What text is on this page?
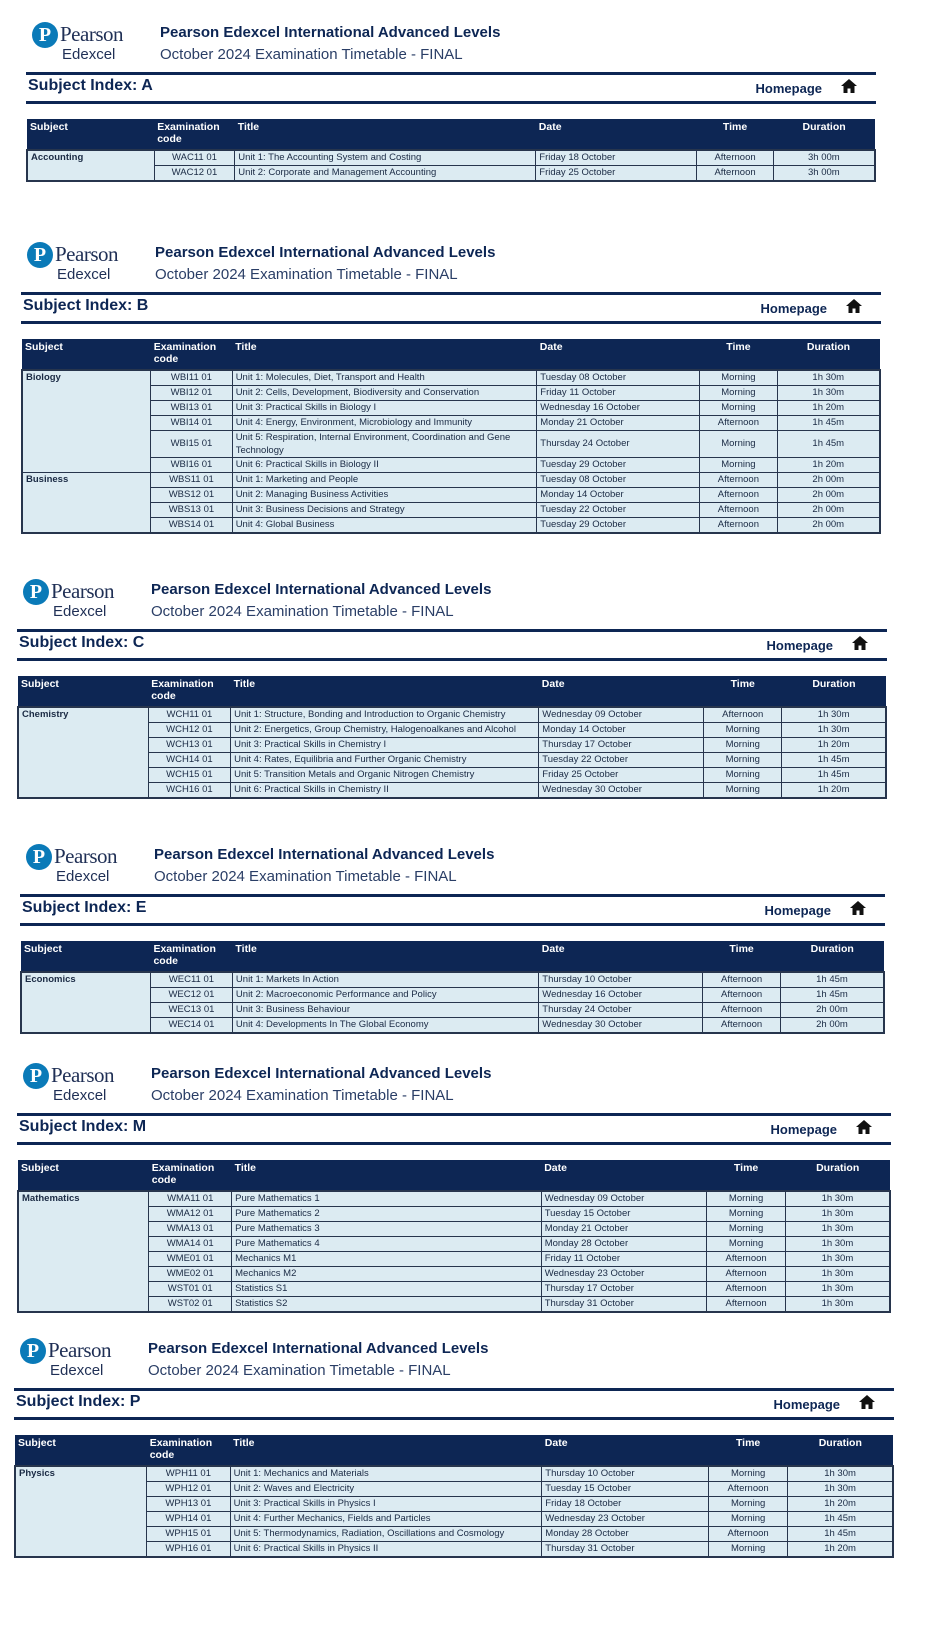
P Pearson
Edexcel
Pearson Edexcel International Advanced Levels
October 2024 Examination Timetable - FINAL
Subject Index: A	Homepage
Subject	Examination code	Title	Date	Time	Duration
Accounting	WAC11 01	Unit 1: The Accounting System and Costing	Friday 18 October	Afternoon	3h 00m
	WAC12 01	Unit 2: Corporate and Management Accounting	Friday 25 October	Afternoon	3h 00m
P Pearson
Edexcel
Pearson Edexcel International Advanced Levels
October 2024 Examination Timetable - FINAL
Subject Index: B	Homepage
Subject	Examination code	Title	Date	Time	Duration
Biology	WBI11 01	Unit 1: Molecules, Diet, Transport and Health	Tuesday 08 October	Morning	1h 30m
	WBI12 01	Unit 2: Cells, Development, Biodiversity and Conservation	Friday 11 October	Morning	1h 30m
	WBI13 01	Unit 3: Practical Skills in Biology I	Wednesday 16 October	Morning	1h 20m
	WBI14 01	Unit 4: Energy, Environment, Microbiology and Immunity	Monday 21 October	Afternoon	1h 45m
	WBI15 01	Unit 5: Respiration, Internal Environment, Coordination and Gene Technology	Thursday 24 October	Morning	1h 45m
	WBI16 01	Unit 6: Practical Skills in Biology II	Tuesday 29 October	Morning	1h 20m
Business	WBS11 01	Unit 1: Marketing and People	Tuesday 08 October	Afternoon	2h 00m
	WBS12 01	Unit 2: Managing Business Activities	Monday 14 October	Afternoon	2h 00m
	WBS13 01	Unit 3: Business Decisions and Strategy	Tuesday 22 October	Afternoon	2h 00m
	WBS14 01	Unit 4: Global Business	Tuesday 29 October	Afternoon	2h 00m
P Pearson
Edexcel
Pearson Edexcel International Advanced Levels
October 2024 Examination Timetable - FINAL
Subject Index: C	Homepage
Subject	Examination code	Title	Date	Time	Duration
Chemistry	WCH11 01	Unit 1: Structure, Bonding and Introduction to Organic Chemistry	Wednesday 09 October	Afternoon	1h 30m
	WCH12 01	Unit 2: Energetics, Group Chemistry, Halogenoalkanes and Alcohol	Monday 14 October	Morning	1h 30m
	WCH13 01	Unit 3: Practical Skills in Chemistry I	Thursday 17 October	Morning	1h 20m
	WCH14 01	Unit 4: Rates, Equilibria and Further Organic Chemistry	Tuesday 22 October	Morning	1h 45m
	WCH15 01	Unit 5: Transition Metals and Organic Nitrogen Chemistry	Friday 25 October	Morning	1h 45m
	WCH16 01	Unit 6: Practical Skills in Chemistry II	Wednesday 30 October	Morning	1h 20m
P Pearson
Edexcel
Pearson Edexcel International Advanced Levels
October 2024 Examination Timetable - FINAL
Subject Index: E	Homepage
Subject	Examination code	Title	Date	Time	Duration
Economics	WEC11 01	Unit 1: Markets In Action	Thursday 10 October	Afternoon	1h 45m
	WEC12 01	Unit 2: Macroeconomic Performance and Policy	Wednesday 16 October	Afternoon	1h 45m
	WEC13 01	Unit 3: Business Behaviour	Thursday 24 October	Afternoon	2h 00m
	WEC14 01	Unit 4: Developments In The Global Economy	Wednesday 30 October	Afternoon	2h 00m
P Pearson
Edexcel
Pearson Edexcel International Advanced Levels
October 2024 Examination Timetable - FINAL
Subject Index: M	Homepage
Subject	Examination code	Title	Date	Time	Duration
Mathematics	WMA11 01	Pure Mathematics 1	Wednesday 09 October	Morning	1h 30m
	WMA12 01	Pure Mathematics 2	Tuesday 15 October	Morning	1h 30m
	WMA13 01	Pure Mathematics 3	Monday 21 October	Morning	1h 30m
	WMA14 01	Pure Mathematics 4	Monday 28 October	Morning	1h 30m
	WME01 01	Mechanics M1	Friday 11 October	Afternoon	1h 30m
	WME02 01	Mechanics M2	Wednesday 23 October	Afternoon	1h 30m
	WST01 01	Statistics S1	Thursday 17 October	Afternoon	1h 30m
	WST02 01	Statistics S2	Thursday 31 October	Afternoon	1h 30m
P Pearson
Edexcel
Pearson Edexcel International Advanced Levels
October 2024 Examination Timetable - FINAL
Subject Index: P	Homepage
Subject	Examination code	Title	Date	Time	Duration
Physics	WPH11 01	Unit 1: Mechanics and Materials	Thursday 10 October	Morning	1h 30m
	WPH12 01	Unit 2: Waves and Electricity	Tuesday 15 October	Afternoon	1h 30m
	WPH13 01	Unit 3: Practical Skills in Physics I	Friday 18 October	Morning	1h 20m
	WPH14 01	Unit 4: Further Mechanics, Fields and Particles	Wednesday 23 October	Morning	1h 45m
	WPH15 01	Unit 5: Thermodynamics, Radiation, Oscillations and Cosmology	Monday 28 October	Afternoon	1h 45m
	WPH16 01	Unit 6: Practical Skills in Physics II	Thursday 31 October	Morning	1h 20m
